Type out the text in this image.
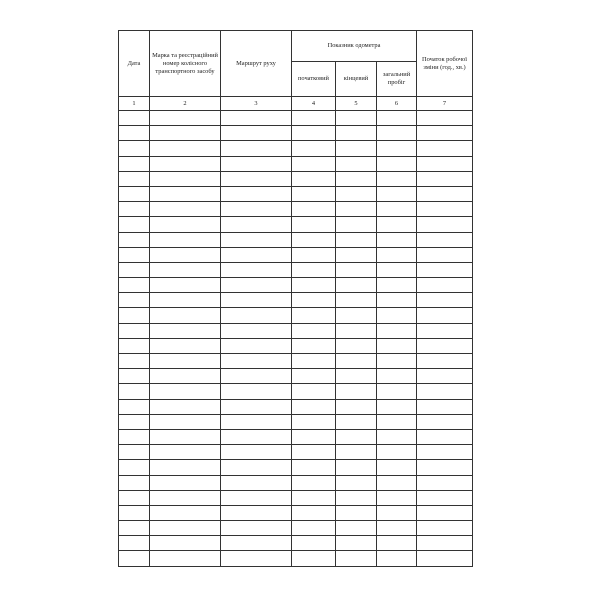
Дата	Марка та реєстраційний номер колісного транспортного засобу	Маршрут руху	Показник одометра			Початок робочої зміни (год., хв.)
			початковий	кінцевий	загальний пробіг	
1	2	3	4	5	6	7
